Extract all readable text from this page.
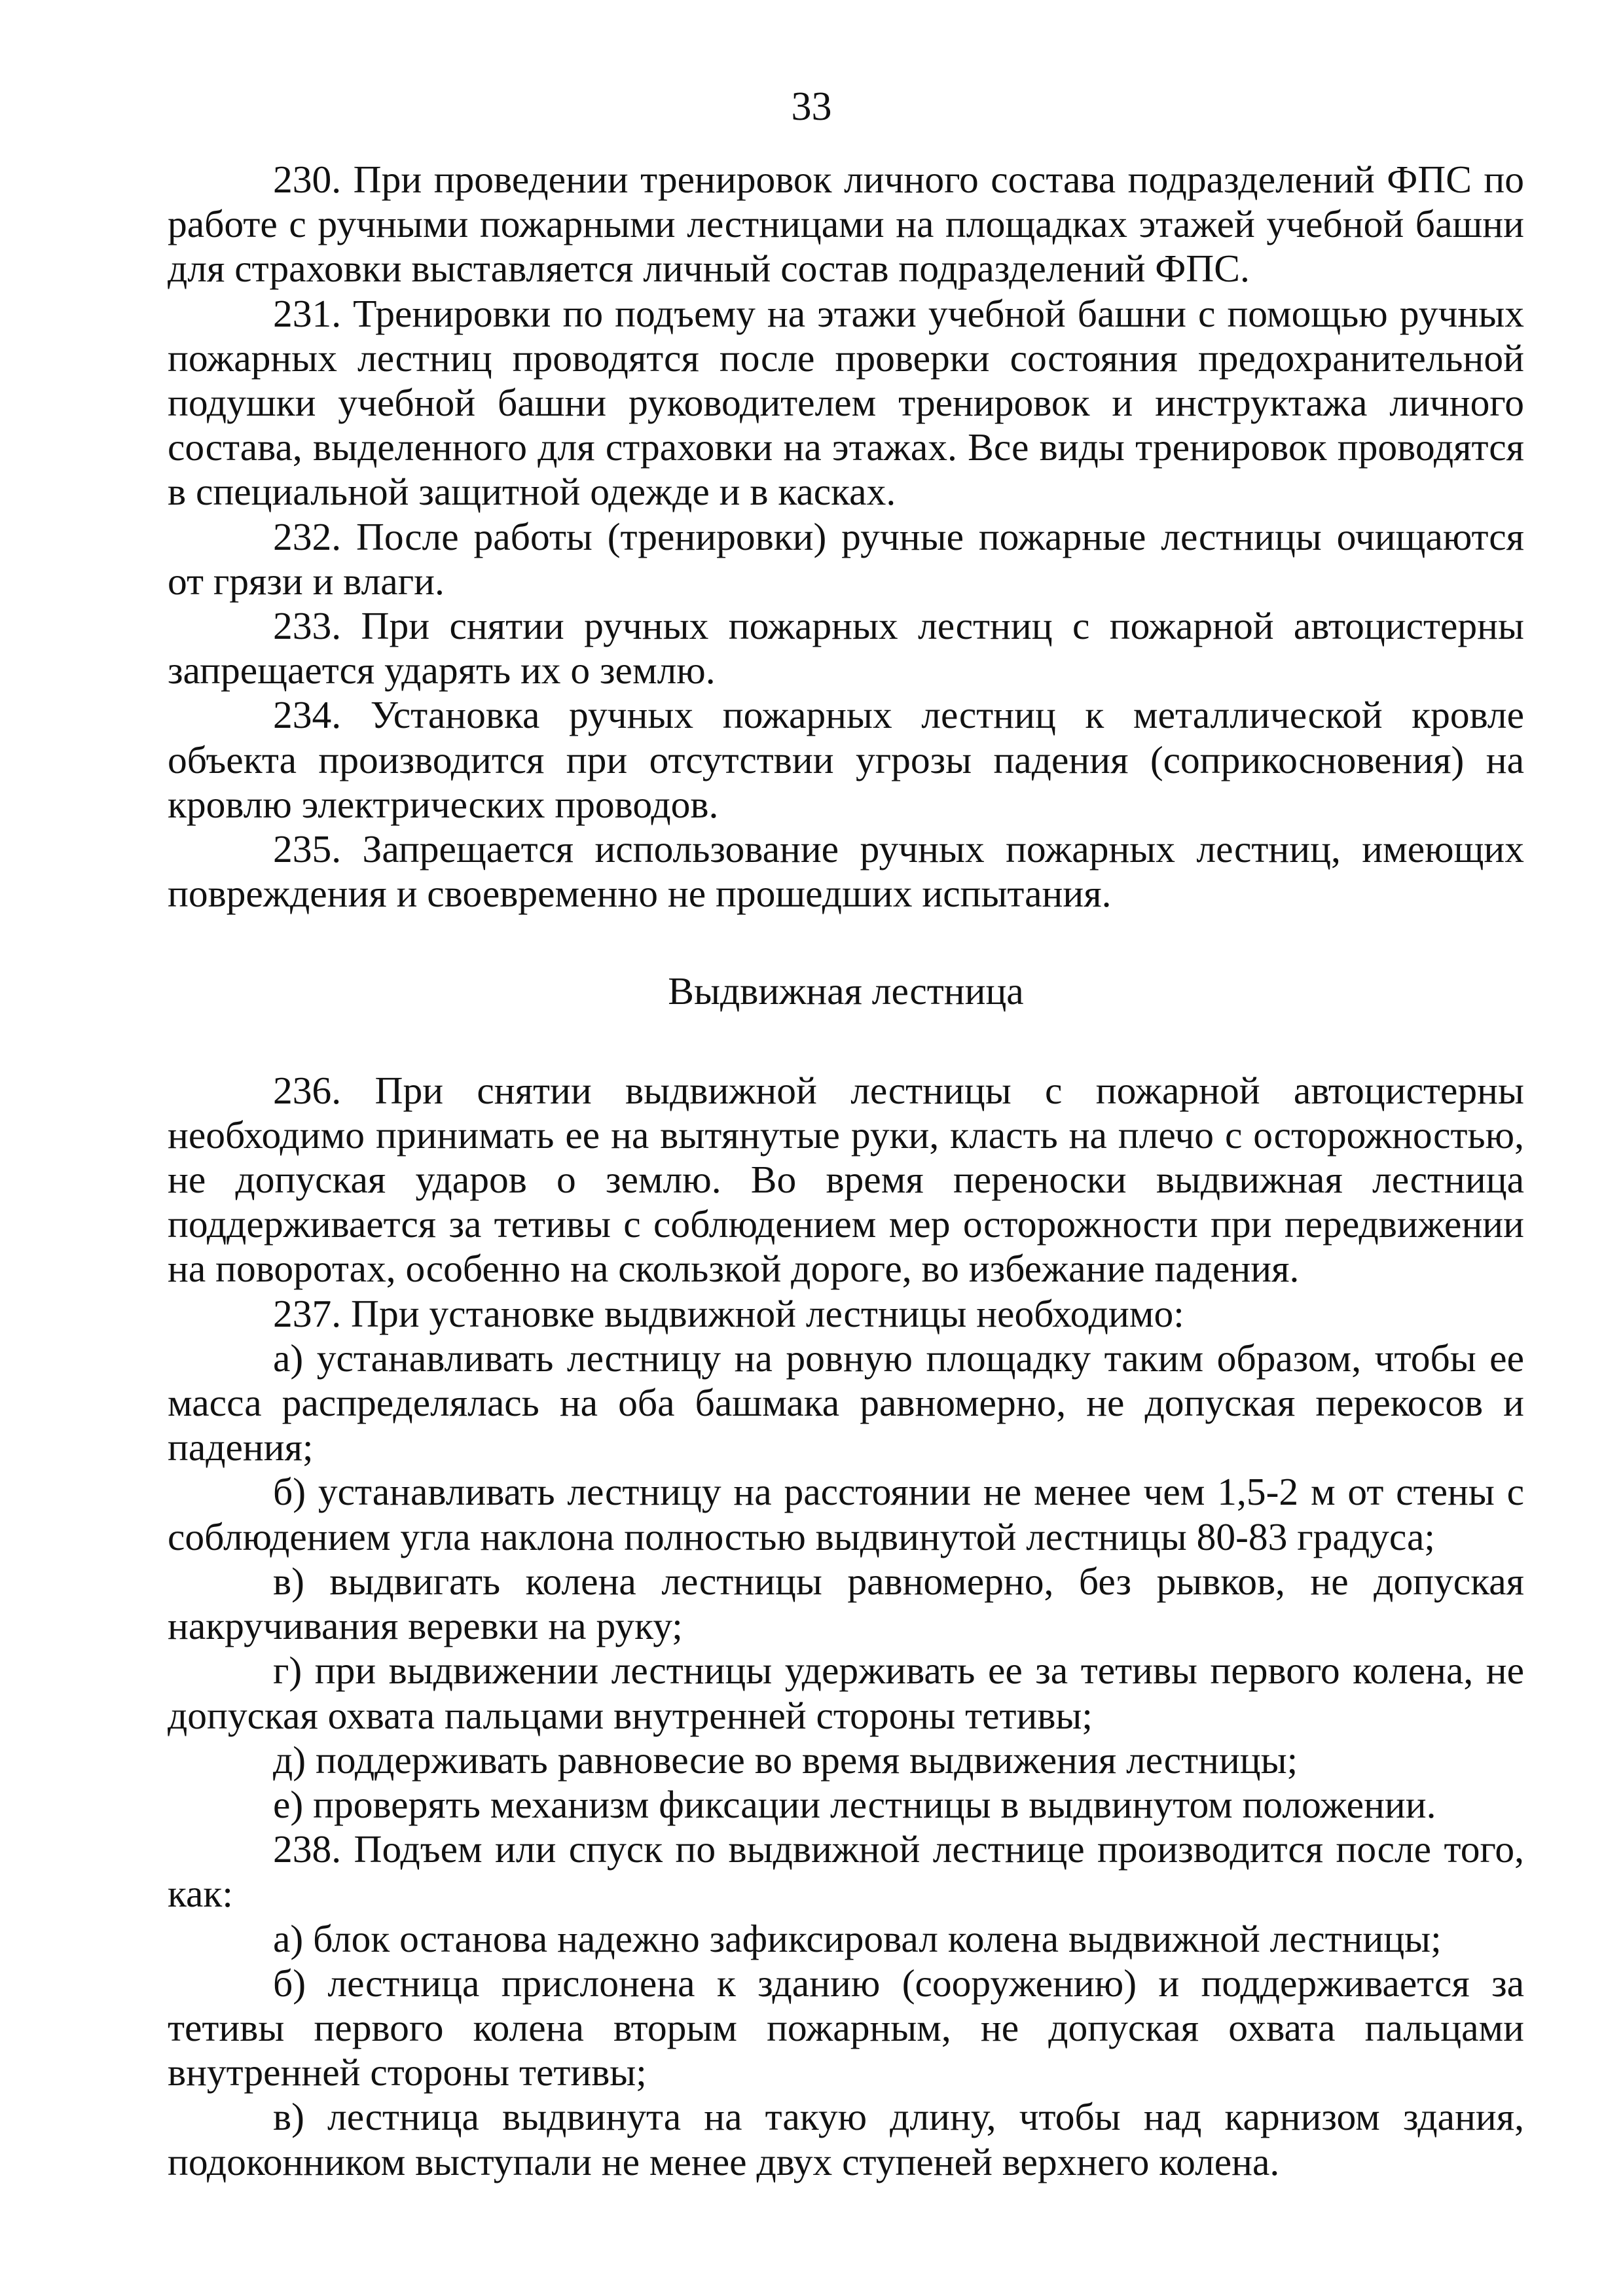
33

230. При проведении тренировок личного состава подразделений ФПС по работе с ручными пожарными лестницами на площадках этажей учебной башни для страховки выставляется личный состав подразделений ФПС.

231. Тренировки по подъему на этажи учебной башни с помощью ручных пожарных лестниц проводятся после проверки состояния предохранительной подушки учебной башни руководителем тренировок и инструктажа личного состава, выделенного для страховки на этажах. Все виды тренировок проводятся в специальной защитной одежде и в касках.

232. После работы (тренировки) ручные пожарные лестницы очищаются от грязи и влаги.

233. При снятии ручных пожарных лестниц с пожарной автоцистерны запрещается ударять их о землю.

234. Установка ручных пожарных лестниц к металлической кровле объекта производится при отсутствии угрозы падения (соприкосновения) на кровлю электрических проводов.

235. Запрещается использование ручных пожарных лестниц, имеющих повреждения и своевременно не прошедших испытания.

Выдвижная лестница

236. При снятии выдвижной лестницы с пожарной автоцистерны необходимо принимать ее на вытянутые руки, класть на плечо с осторожностью, не допуская ударов о землю. Во время переноски выдвижная лестница поддерживается за тетивы с соблюдением мер осторожности при передвижении на поворотах, особенно на скользкой дороге, во избежание падения.

237. При установке выдвижной лестницы необходимо:

а) устанавливать лестницу на ровную площадку таким образом, чтобы ее масса распределялась на оба башмака равномерно, не допуская перекосов и падения;

б) устанавливать лестницу на расстоянии не менее чем 1,5-2 м от стены с соблюдением угла наклона полностью выдвинутой лестницы 80-83 градуса;

в) выдвигать колена лестницы равномерно, без рывков, не допуская накручивания веревки на руку;

г) при выдвижении лестницы удерживать ее за тетивы первого колена, не допуская охвата пальцами внутренней стороны тетивы;

д) поддерживать равновесие во время выдвижения лестницы;

е) проверять механизм фиксации лестницы в выдвинутом положении.

238. Подъем или спуск по выдвижной лестнице производится после того, как:

а) блок останова надежно зафиксировал колена выдвижной лестницы;

б) лестница прислонена к зданию (сооружению) и поддерживается за тетивы первого колена вторым пожарным, не допуская охвата пальцами внутренней стороны тетивы;

в) лестница выдвинута на такую длину, чтобы над карнизом здания, подоконником выступали не менее двух ступеней верхнего колена.
